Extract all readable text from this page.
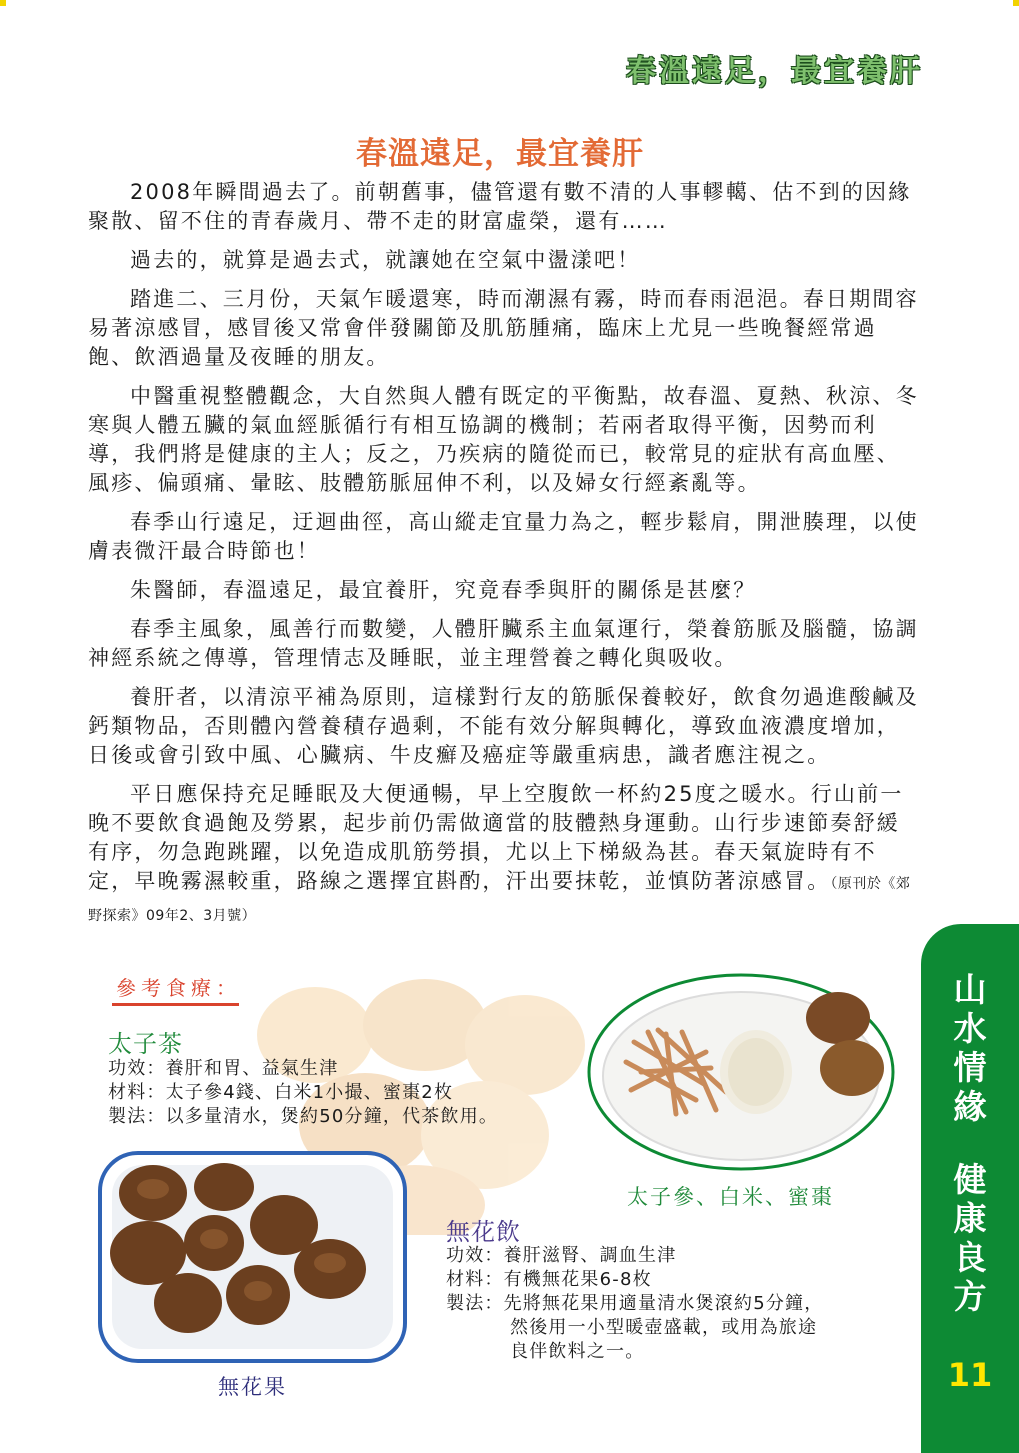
春溫遠足，最宜養肝
春溫遠足，最宜養肝

2008年瞬間過去了。前朝舊事，儘管還有數不清的人事轇轕、估不到的因緣聚散、留不住的青春歲月、帶不走的財富虛榮，還有……

過去的，就算是過去式，就讓她在空氣中盪漾吧！

踏進二、三月份，天氣乍暖還寒，時而潮濕有霧，時而春雨浥浥。春日期間容易著涼感冒，感冒後又常會伴發關節及肌筋腫痛，臨床上尤見一些晚餐經常過飽、飲酒過量及夜睡的朋友。

中醫重視整體觀念，大自然與人體有既定的平衡點，故春溫、夏熱、秋涼、冬寒與人體五臟的氣血經脈循行有相互協調的機制；若兩者取得平衡，因勢而利導，我們將是健康的主人；反之，乃疾病的隨從而已，較常見的症狀有高血壓、風疹、偏頭痛、暈眩、肢體筋脈屈伸不利，以及婦女行經紊亂等。

春季山行遠足，迂迴曲徑，高山縱走宜量力為之，輕步鬆肩，開泄腠理，以使膚表微汗最合時節也！

朱醫師，春溫遠足，最宜養肝，究竟春季與肝的關係是甚麼？

春季主風象，風善行而數變，人體肝臟系主血氣運行，榮養筋脈及腦髓，協調神經系統之傳導，管理情志及睡眠，並主理營養之轉化與吸收。

養肝者，以清涼平補為原則，這樣對行友的筋脈保養較好，飲食勿過進酸鹹及鈣類物品，否則體內營養積存過剩，不能有效分解與轉化，導致血液濃度增加，日後或會引致中風、心臟病、牛皮癬及癌症等嚴重病患，識者應注視之。

平日應保持充足睡眠及大便通暢，早上空腹飲一杯約25度之暖水。行山前一晚不要飲食過飽及勞累，起步前仍需做適當的肢體熱身運動。山行步速節奏舒緩有序，勿急跑跳躍，以免造成肌筋勞損，尤以上下梯級為甚。春天氣旋時有不定，早晚霧濕較重，路線之選擇宜斟酌，汗出要抹乾，並慎防著涼感冒。（原刊於《郊野探索》09年2、3月號）

參考食療：
太子茶
功效：養肝和胃、益氣生津
材料：太子參4錢、白米1小撮、蜜棗2枚
製法：以多量清水，煲約50分鐘，代茶飲用。
太子參、白米、蜜棗
無花飲
功效：養肝滋腎、調血生津
材料：有機無花果6-8枚
製法：先將無花果用適量清水煲滾約5分鐘，
然後用一小型暖壺盛載，或用為旅途
良伴飲料之一。
無花果
山
水
情
緣
健
康
良
方
11
